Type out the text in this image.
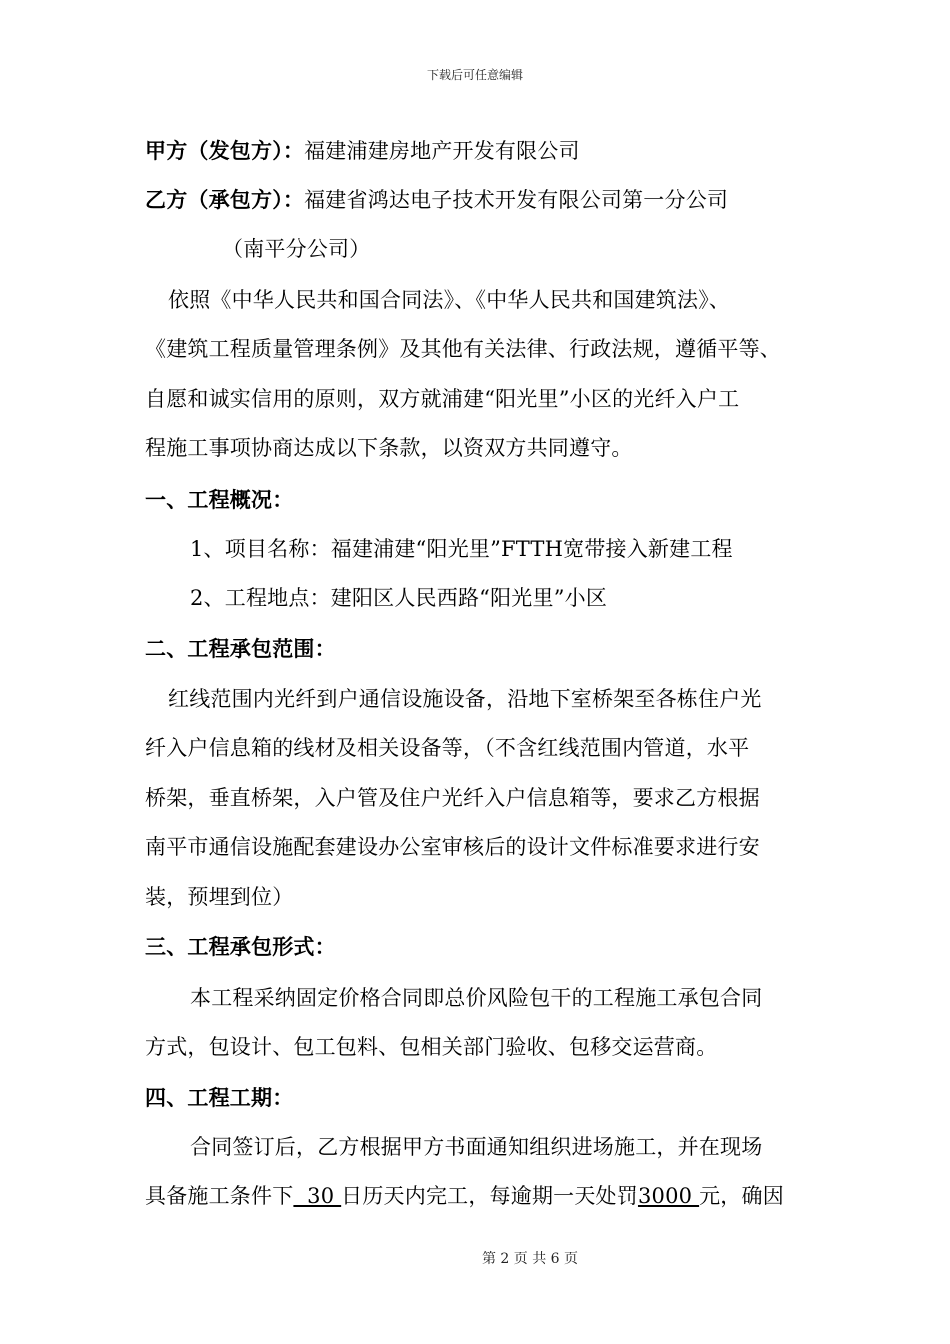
下载后可任意编辑
甲方（发包方）：福建浦建房地产开发有限公司
乙方（承包方）：福建省鸿达电子技术开发有限公司第一分公司
（南平分公司）
依照《中华人民共和国合同法》、《中华人民共和国建筑法》、
《建筑工程质量管理条例》及其他有关法律、行政法规，遵循平等、
自愿和诚实信用的原则，双方就浦建“阳光里”小区的光纤入户工
程施工事项协商达成以下条款，以资双方共同遵守。
一、工程概况：
1、项目名称：福建浦建“阳光里”FTTH宽带接入新建工程
2、工程地点：建阳区人民西路“阳光里”小区
二、工程承包范围：
红线范围内光纤到户通信设施设备，沿地下室桥架至各栋住户光
纤入户信息箱的线材及相关设备等，（不含红线范围内管道，水平
桥架，垂直桥架，入户管及住户光纤入户信息箱等，要求乙方根据
南平市通信设施配套建设办公室审核后的设计文件标准要求进行安
装，预埋到位）
三、工程承包形式：
本工程采纳固定价格合同即总价风险包干的工程施工承包合同
方式，包设计、包工包料、包相关部门验收、包移交运营商。
四、工程工期：
合同签订后，乙方根据甲方书面通知组织进场施工，并在现场
具备施工条件下  30 日历天内完工，每逾期一天处罚3000 元，确因
第 2 页 共 6 页
